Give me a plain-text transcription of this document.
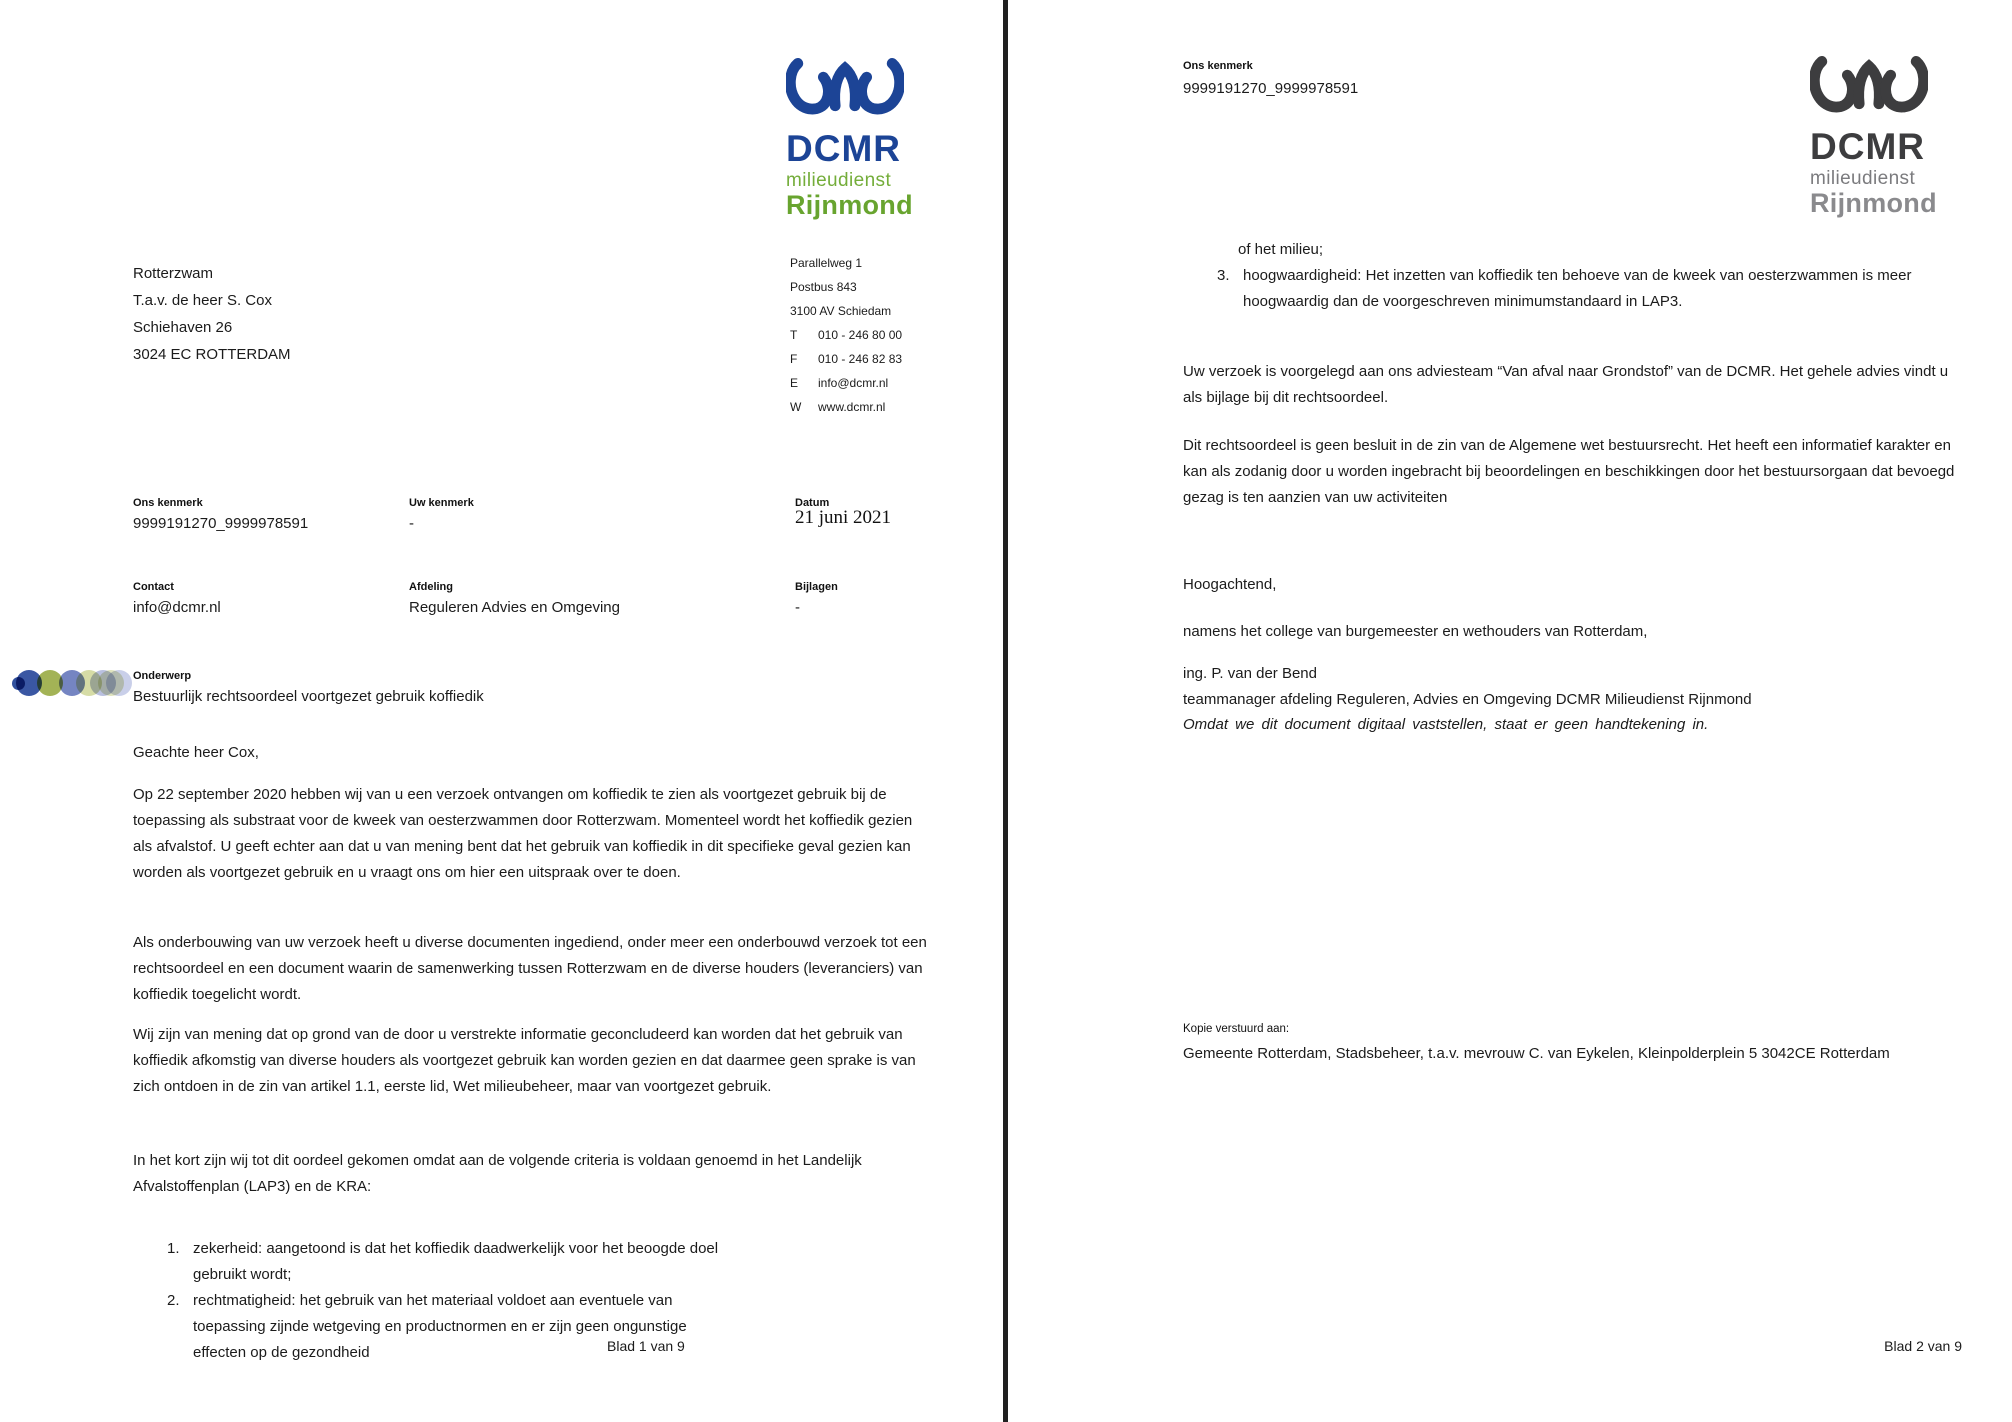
DCMR
milieudienst
Rijnmond
Rotterzwam
T.a.v. de heer S. Cox
Schiehaven 26
3024 EC ROTTERDAM
Parallelweg 1
Postbus 843
3100 AV Schiedam
T 010 - 246 80 00
F 010 - 246 82 83
E info@dcmr.nl
W www.dcmr.nl
Ons kenmerk
9999191270_9999978591
Uw kenmerk
-
Datum
21 juni 2021
Contact
info@dcmr.nl
Afdeling
Reguleren Advies en Omgeving
Bijlagen
-
Onderwerp
Bestuurlijk rechtsoordeel voortgezet gebruik koffiedik
Geachte heer Cox,
Op 22 september 2020 hebben wij van u een verzoek ontvangen om koffiedik te zien als voortgezet gebruik bij de toepassing als substraat voor de kweek van oesterzwammen door Rotterzwam. Momenteel wordt het koffiedik gezien als afvalstof. U geeft echter aan dat u van mening bent dat het gebruik van koffiedik in dit specifieke geval gezien kan worden als voortgezet gebruik en u vraagt ons om hier een uitspraak over te doen.
Als onderbouwing van uw verzoek heeft u diverse documenten ingediend, onder meer een onderbouwd verzoek tot een rechtsoordeel en een document waarin de samenwerking tussen Rotterzwam en de diverse houders (leveranciers) van koffiedik toegelicht wordt.
Wij zijn van mening dat op grond van de door u verstrekte informatie geconcludeerd kan worden dat het gebruik van koffiedik afkomstig van diverse houders als voortgezet gebruik kan worden gezien en dat daarmee geen sprake is van zich ontdoen in de zin van artikel 1.1, eerste lid, Wet milieubeheer, maar van voortgezet gebruik.
In het kort zijn wij tot dit oordeel gekomen omdat aan de volgende criteria is voldaan genoemd in het Landelijk Afvalstoffenplan (LAP3) en de KRA:
1. zekerheid: aangetoond is dat het koffiedik daadwerkelijk voor het beoogde doel gebruikt wordt;
2. rechtmatigheid: het gebruik van het materiaal voldoet aan eventuele van toepassing zijnde wetgeving en productnormen en er zijn geen ongunstige effecten op de gezondheid	Blad 1 van 9
Ons kenmerk
9999191270_9999978591
DCMR
milieudienst
Rijnmond
of het milieu;
3. hoogwaardigheid: Het inzetten van koffiedik ten behoeve van de kweek van oesterzwammen is meer hoogwaardig dan de voorgeschreven minimumstandaard in LAP3.
Uw verzoek is voorgelegd aan ons adviesteam “Van afval naar Grondstof” van de DCMR. Het gehele advies vindt u als bijlage bij dit rechtsoordeel.
Dit rechtsoordeel is geen besluit in de zin van de Algemene wet bestuursrecht. Het heeft een informatief karakter en kan als zodanig door u worden ingebracht bij beoordelingen en beschikkingen door het bestuursorgaan dat bevoegd gezag is ten aanzien van uw activiteiten
Hoogachtend,
namens het college van burgemeester en wethouders van Rotterdam,
ing. P. van der Bend
teammanager afdeling Reguleren, Advies en Omgeving DCMR Milieudienst Rijnmond
Omdat we dit document digitaal vaststellen, staat er geen handtekening in.
Kopie verstuurd aan:
Gemeente Rotterdam, Stadsbeheer, t.a.v. mevrouw C. van Eykelen, Kleinpolderplein 5 3042CE Rotterdam
Blad 2 van 9
